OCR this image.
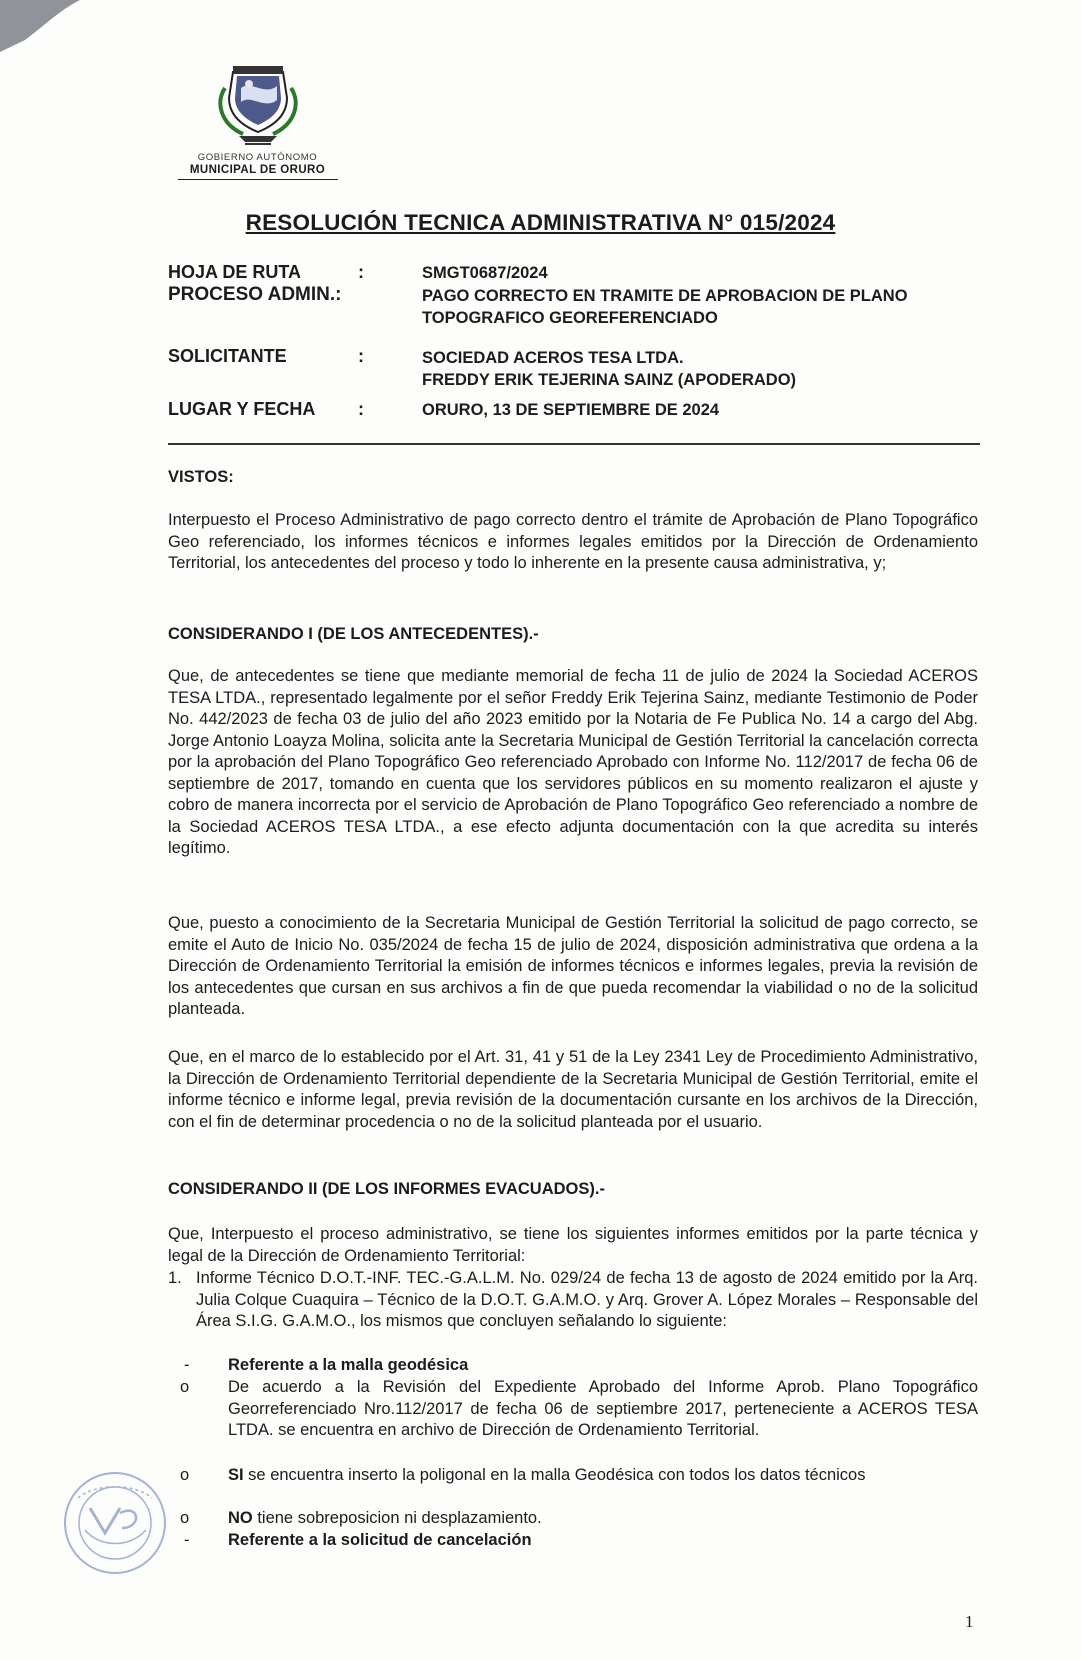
GOBIERNO AUTÓNOMO
MUNICIPAL DE ORURO
RESOLUCIÓN TECNICA ADMINISTRATIVA N° 015/2024
HOJA DE RUTA	:	SMGT0687/2024
PROCESO ADMIN.:	PAGO CORRECTO EN TRAMITE DE APROBACION DE PLANO
TOPOGRAFICO GEOREFERENCIADO
SOLICITANTE	:	SOCIEDAD ACEROS TESA LTDA.
FREDDY ERIK TEJERINA SAINZ (APODERADO)
LUGAR Y FECHA :	ORURO, 13 DE SEPTIEMBRE DE 2024
VISTOS:
Interpuesto el Proceso Administrativo de pago correcto dentro el trámite de Aprobación de Plano Topográfico Geo referenciado, los informes técnicos e informes legales emitidos por la Dirección de Ordenamiento Territorial, los antecedentes del proceso y todo lo inherente en la presente causa administrativa, y;
CONSIDERANDO I (DE LOS ANTECEDENTES).-
Que, de antecedentes se tiene que mediante memorial de fecha 11 de julio de 2024 la Sociedad ACEROS TESA LTDA., representado legalmente por el señor Freddy Erik Tejerina Sainz, mediante Testimonio de Poder No. 442/2023 de fecha 03 de julio del año 2023 emitido por la Notaria de Fe Publica No. 14 a cargo del Abg. Jorge Antonio Loayza Molina, solicita ante la Secretaria Municipal de Gestión Territorial la cancelación correcta por la aprobación del Plano Topográfico Geo referenciado Aprobado con Informe No. 112/2017 de fecha 06 de septiembre de 2017, tomando en cuenta que los servidores públicos en su momento realizaron el ajuste y cobro de manera incorrecta por el servicio de Aprobación de Plano Topográfico Geo referenciado a nombre de la Sociedad ACEROS TESA LTDA., a ese efecto adjunta documentación con la que acredita su interés legítimo.
Que, puesto a conocimiento de la Secretaria Municipal de Gestión Territorial la solicitud de pago correcto, se emite el Auto de Inicio No. 035/2024 de fecha 15 de julio de 2024, disposición administrativa que ordena a la Dirección de Ordenamiento Territorial la emisión de informes técnicos e informes legales, previa la revisión de los antecedentes que cursan en sus archivos a fin de que pueda recomendar la viabilidad o no de la solicitud planteada.
Que, en el marco de lo establecido por el Art. 31, 41 y 51 de la Ley 2341 Ley de Procedimiento Administrativo, la Dirección de Ordenamiento Territorial dependiente de la Secretaria Municipal de Gestión Territorial, emite el informe técnico e informe legal, previa revisión de la documentación cursante en los archivos de la Dirección, con el fin de determinar procedencia o no de la solicitud planteada por el usuario.
CONSIDERANDO II (DE LOS INFORMES EVACUADOS).-
Que, Interpuesto el proceso administrativo, se tiene los siguientes informes emitidos por la parte técnica y legal de la Dirección de Ordenamiento Territorial:
1. Informe Técnico D.O.T.-INF. TEC.-G.A.L.M. No. 029/24 de fecha 13 de agosto de 2024 emitido por la Arq. Julia Colque Cuaquira – Técnico de la D.O.T. G.A.M.O. y Arq. Grover A. López Morales – Responsable del Área S.I.G. G.A.M.O., los mismos que concluyen señalando lo siguiente:
- Referente a la malla geodésica
o De acuerdo a la Revisión del Expediente Aprobado del Informe Aprob. Plano Topográfico Georreferenciado Nro.112/2017 de fecha 06 de septiembre 2017, perteneciente a ACEROS TESA LTDA. se encuentra en archivo de Dirección de Ordenamiento Territorial.
o SI se encuentra inserto la poligonal en la malla Geodésica con todos los datos técnicos
o NO tiene sobreposicion ni desplazamiento.
- Referente a la solicitud de cancelación
1
